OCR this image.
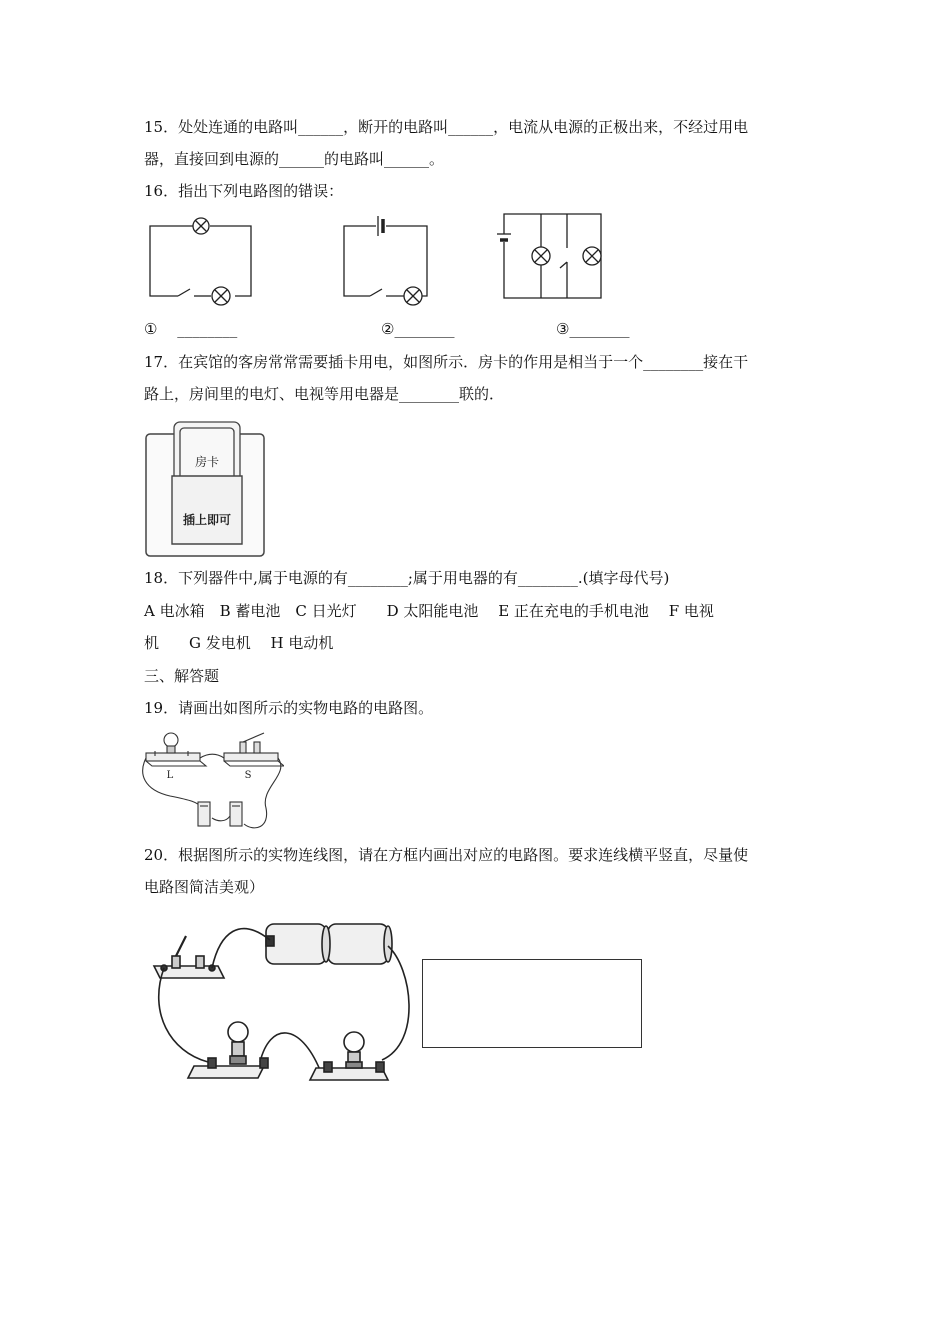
15．处处连通的电路叫______，断开的电路叫______，电流从电源的正极出来，不经过用电
器，直接回到电源的______的电路叫______。
16．指出下列电路图的错误：
①　 ________	②________	③________
17．在宾馆的客房常常需要插卡用电，如图所示．房卡的作用是相当于一个________接在干
路上，房间里的电灯、电视等用电器是________联的．
房卡
插上即可
18．下列器件中,属于电源的有________;属于用电器的有________.(填字母代号)
A 电冰箱　B 蓄电池　C 日光灯　　D 太阳能电池　 E 正在充电的手机电池　 F 电视
机　　G 发电机　 H 电动机
三、解答题
19．请画出如图所示的实物电路的电路图。
L	S
20．根据图所示的实物连线图，请在方框内画出对应的电路图。要求连线横平竖直，尽量使
电路图简洁美观）
